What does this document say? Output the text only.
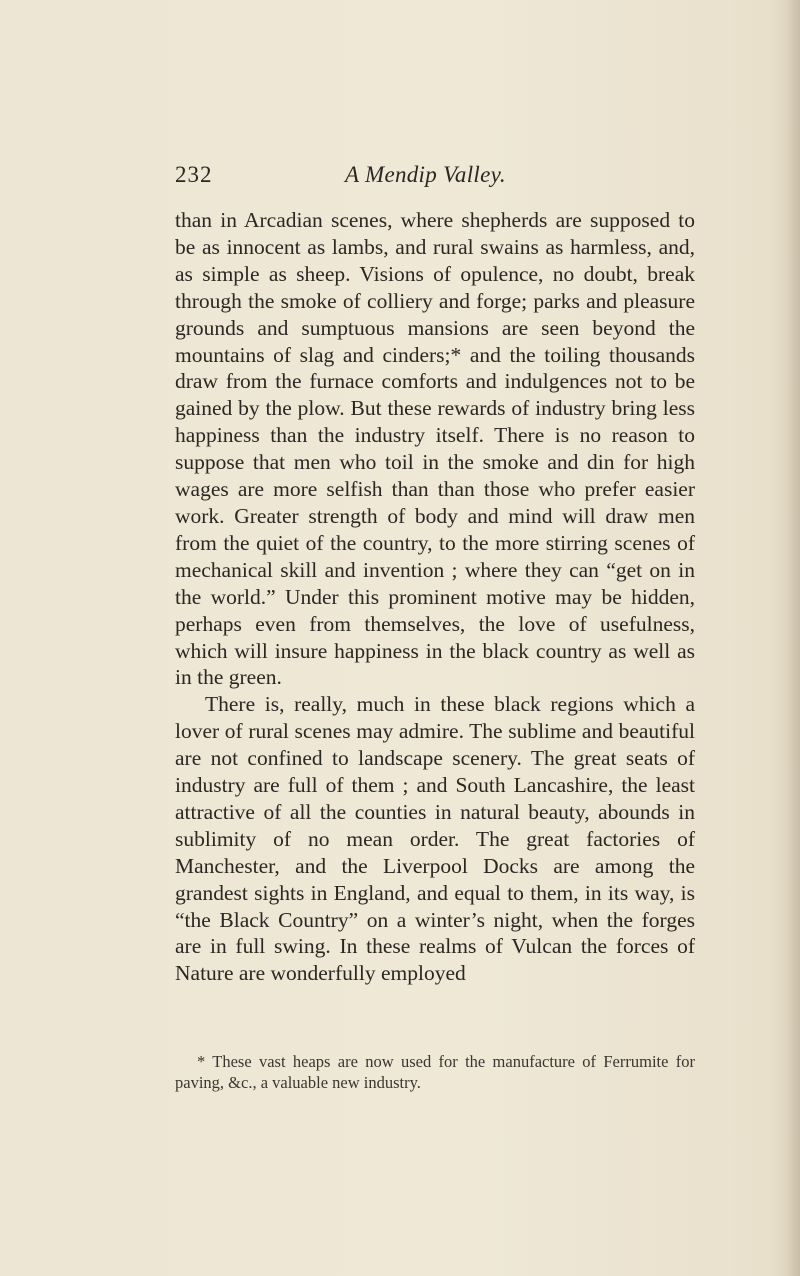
232	A Mendip Valley.

than in Arcadian scenes, where shepherds are supposed to be as innocent as lambs, and rural swains as harmless, and, as simple as sheep. Visions of opulence, no doubt, break through the smoke of colliery and forge; parks and pleasure grounds and sumptuous mansions are seen beyond the mountains of slag and cinders;* and the toiling thousands draw from the furnace comforts and indulgences not to be gained by the plow. But these rewards of industry bring less happiness than the industry itself. There is no reason to suppose that men who toil in the smoke and din for high wages are more selfish than than those who prefer easier work. Greater strength of body and mind will draw men from the quiet of the country, to the more stirring scenes of mechanical skill and invention ; where they can “get on in the world.” Under this prominent motive may be hidden, perhaps even from themselves, the love of usefulness, which will insure happiness in the black country as well as in the green.

There is, really, much in these black regions which a lover of rural scenes may admire. The sublime and beautiful are not confined to landscape scenery. The great seats of industry are full of them ; and South Lancashire, the least attractive of all the counties in natural beauty, abounds in sublimity of no mean order. The great factories of Manchester, and the Liverpool Docks are among the grandest sights in England, and equal to them, in its way, is “the Black Country” on a winter’s night, when the forges are in full swing. In these realms of Vulcan the forces of Nature are wonderfully employed

* These vast heaps are now used for the manufacture of Ferrumite for paving, &c., a valuable new industry.
